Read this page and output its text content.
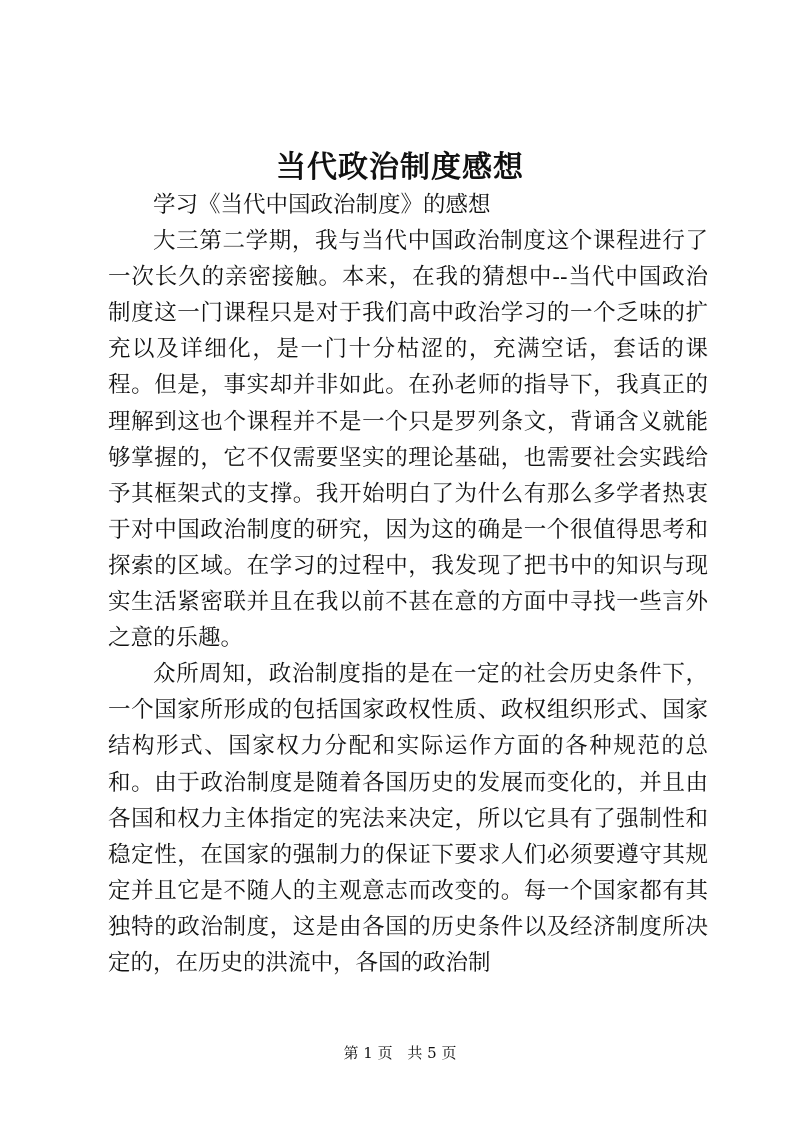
当代政治制度感想

学习《当代中国政治制度》的感想

大三第二学期，我与当代中国政治制度这个课程进行了一次长久的亲密接触。本来，在我的猜想中--当代中国政治制度这一门课程只是对于我们高中政治学习的一个乏味的扩充以及详细化，是一门十分枯涩的，充满空话，套话的课程。但是，事实却并非如此。在孙老师的指导下，我真正的理解到这也个课程并不是一个只是罗列条文，背诵含义就能够掌握的，它不仅需要坚实的理论基础，也需要社会实践给予其框架式的支撑。我开始明白了为什么有那么多学者热衷于对中国政治制度的研究，因为这的确是一个很值得思考和探索的区域。在学习的过程中，我发现了把书中的知识与现实生活紧密联并且在我以前不甚在意的方面中寻找一些言外之意的乐趣。

众所周知，政治制度指的是在一定的社会历史条件下，一个国家所形成的包括国家政权性质、政权组织形式、国家结构形式、国家权力分配和实际运作方面的各种规范的总和。由于政治制度是随着各国历史的发展而变化的，并且由各国和权力主体指定的宪法来决定，所以它具有了强制性和稳定性，在国家的强制力的保证下要求人们必须要遵守其规定并且它是不随人的主观意志而改变的。每一个国家都有其独特的政治制度，这是由各国的历史条件以及经济制度所决定的，在历史的洪流中，各国的政治制

第 1 页 共 5 页
